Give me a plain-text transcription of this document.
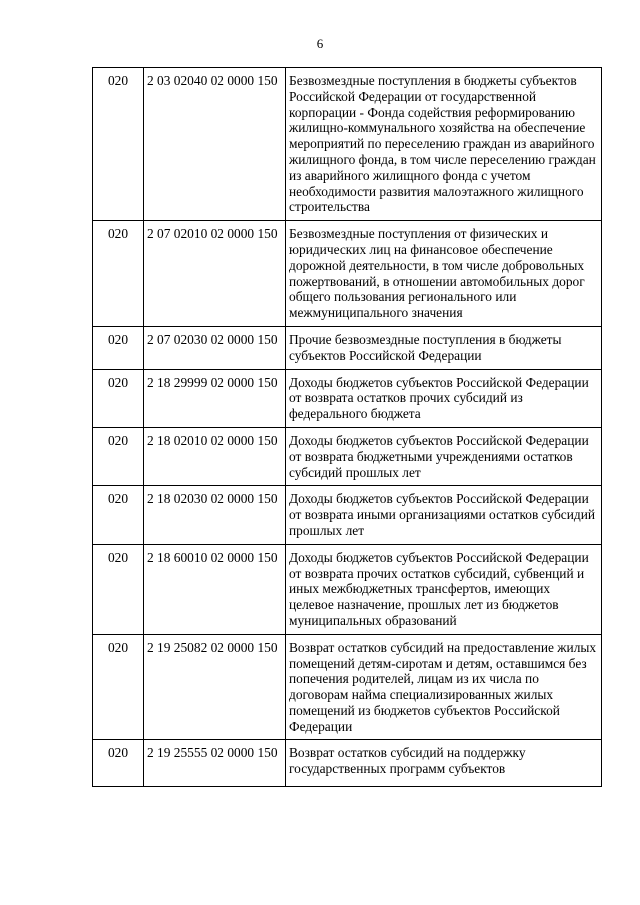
6
020	2 03 02040 02 0000 150	Безвозмездные поступления в бюджеты субъектов Российской Федерации от государственной корпорации - Фонда содействия реформированию жилищно-коммунального хозяйства на обеспечение мероприятий по переселению граждан из аварийного жилищного фонда, в том числе переселению граждан из аварийного жилищного фонда с учетом необходимости развития малоэтажного жилищного строительства
020	2 07 02010 02 0000 150	Безвозмездные поступления от физических и юридических лиц на финансовое обеспечение дорожной деятельности, в том числе добровольных пожертвований, в отношении автомобильных дорог общего пользования регионального или межмуниципального значения
020	2 07 02030 02 0000 150	Прочие безвозмездные поступления в бюджеты субъектов Российской Федерации
020	2 18 29999 02 0000 150	Доходы бюджетов субъектов Российской Федерации от возврата остатков прочих субсидий из федерального бюджета
020	2 18 02010 02 0000 150	Доходы бюджетов субъектов Российской Федерации от возврата бюджетными учреждениями остатков субсидий прошлых лет
020	2 18 02030 02 0000 150	Доходы бюджетов субъектов Российской Федерации от возврата иными организациями остатков субсидий прошлых лет
020	2 18 60010 02 0000 150	Доходы бюджетов субъектов Российской Федерации от возврата прочих остатков субсидий, субвенций и иных межбюджетных трансфертов, имеющих целевое назначение, прошлых лет из бюджетов муниципальных образований
020	2 19 25082 02 0000 150	Возврат остатков субсидий на предоставление жилых помещений детям-сиротам и детям, оставшимся без попечения родителей, лицам из их числа по договорам найма специализированных жилых помещений из бюджетов субъектов Российской Федерации
020	2 19 25555 02 0000 150	Возврат остатков субсидий на поддержку государственных программ субъектов
